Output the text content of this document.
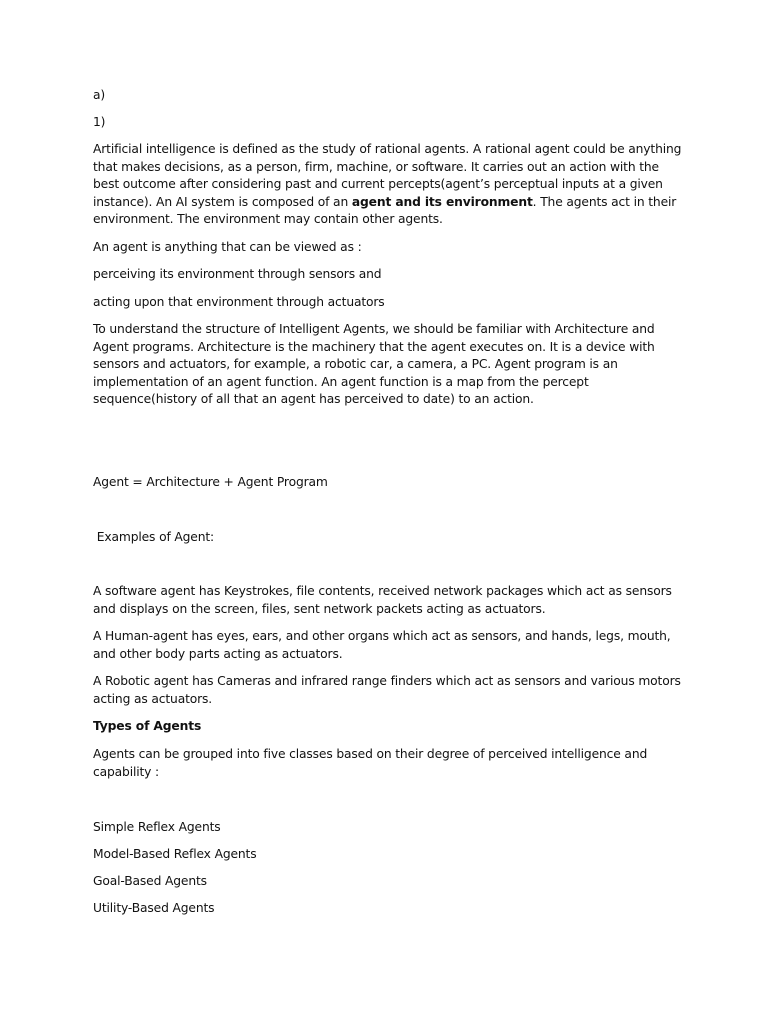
a)

1)

Artificial intelligence is defined as the study of rational agents. A rational agent could be anything that makes decisions, as a person, firm, machine, or software. It carries out an action with the best outcome after considering past and current percepts(agent’s perceptual inputs at a given instance). An AI system is composed of an agent and its environment. The agents act in their environment. The environment may contain other agents.

An agent is anything that can be viewed as :

perceiving its environment through sensors and

acting upon that environment through actuators

To understand the structure of Intelligent Agents, we should be familiar with Architecture and Agent programs. Architecture is the machinery that the agent executes on. It is a device with sensors and actuators, for example, a robotic car, a camera, a PC. Agent program is an implementation of an agent function. An agent function is a map from the percept sequence(history of all that an agent has perceived to date) to an action.

Agent = Architecture + Agent Program

Examples of Agent:

A software agent has Keystrokes, file contents, received network packages which act as sensors and displays on the screen, files, sent network packets acting as actuators.

A Human-agent has eyes, ears, and other organs which act as sensors, and hands, legs, mouth, and other body parts acting as actuators.

A Robotic agent has Cameras and infrared range finders which act as sensors and various motors acting as actuators.

Types of Agents

Agents can be grouped into five classes based on their degree of perceived intelligence and capability :

Simple Reflex Agents

Model-Based Reflex Agents

Goal-Based Agents

Utility-Based Agents
